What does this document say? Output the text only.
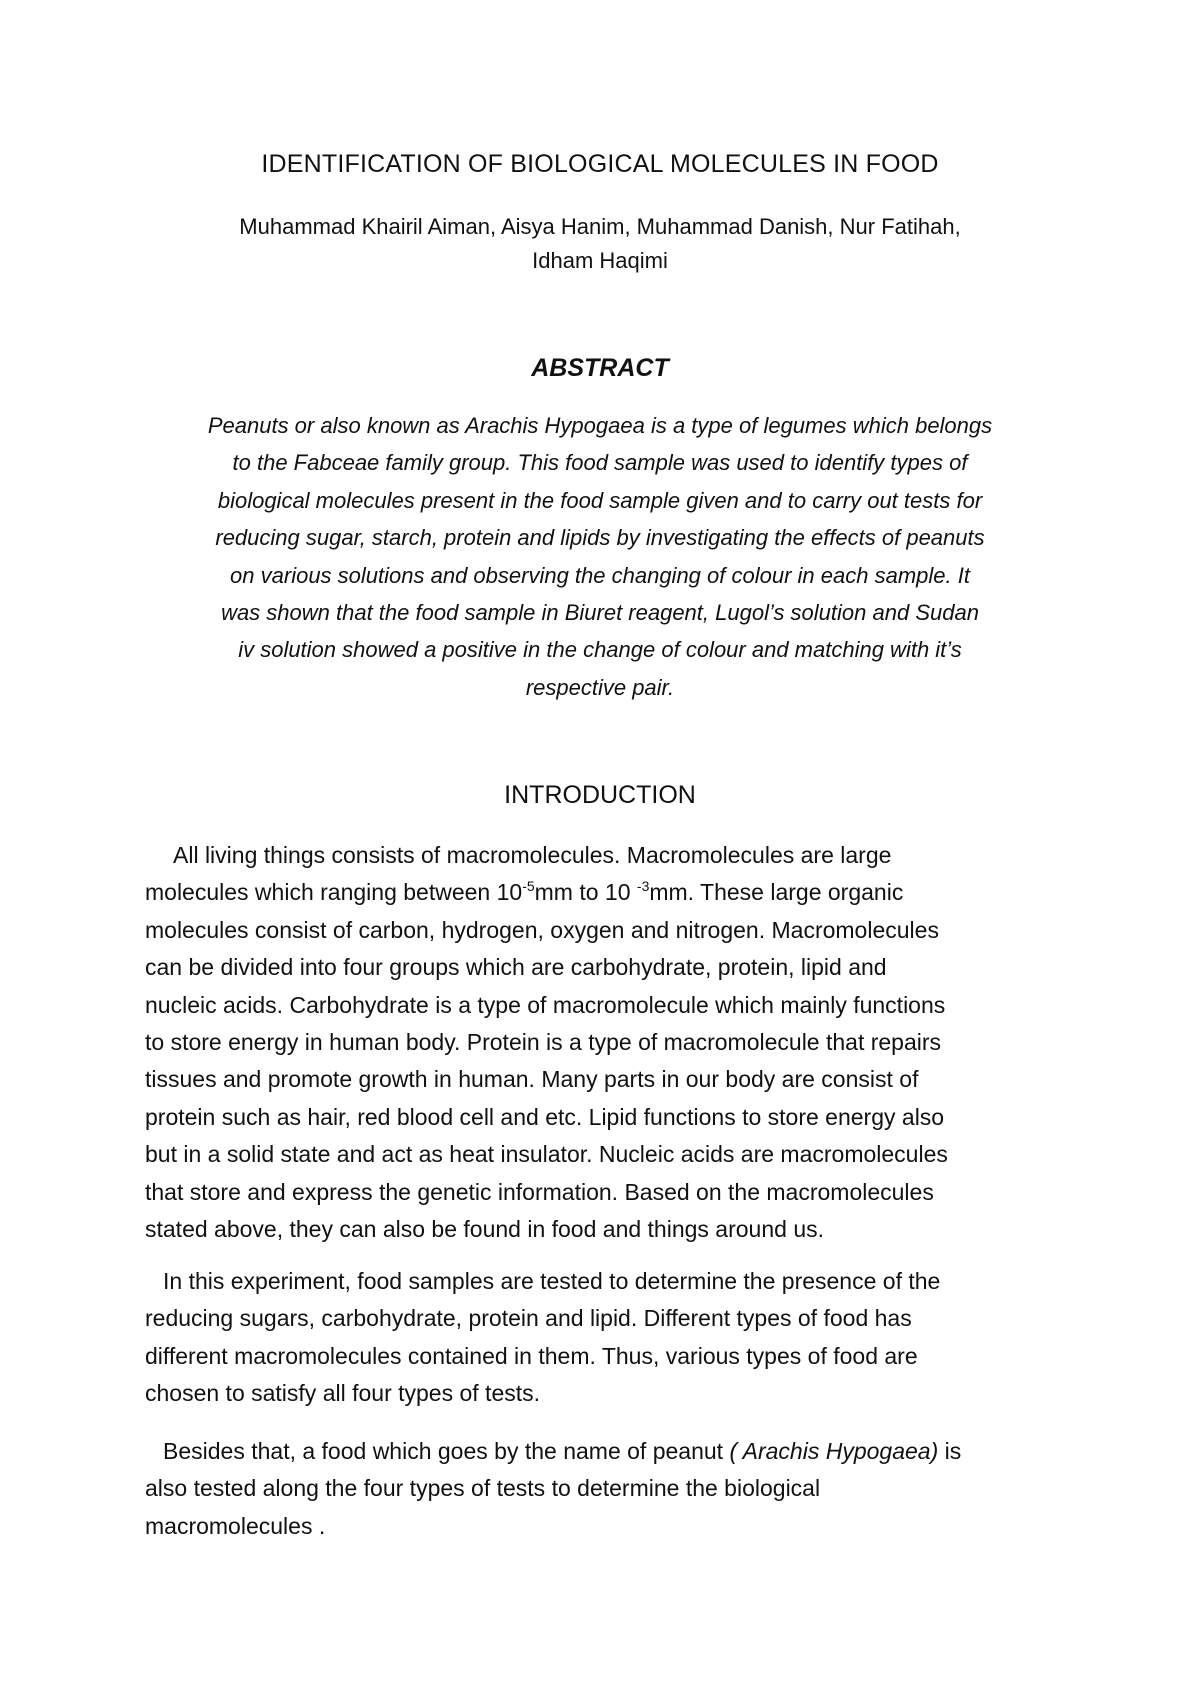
IDENTIFICATION OF BIOLOGICAL MOLECULES IN FOOD
Muhammad Khairil Aiman, Aisya Hanim, Muhammad Danish, Nur Fatihah,
Idham Haqimi
ABSTRACT
Peanuts or also known as Arachis Hypogaea is a type of legumes which belongs
to the Fabceae family group. This food sample was used to identify types of
biological molecules present in the food sample given and to carry out tests for
reducing sugar, starch, protein and lipids by investigating the effects of peanuts
on various solutions and observing the changing of colour in each sample. It
was shown that the food sample in Biuret reagent, Lugol’s solution and Sudan
iv solution showed a positive in the change of colour and matching with it’s
respective pair.
INTRODUCTION
All living things consists of macromolecules. Macromolecules are large
molecules which ranging between $10^{-5}mm$ to 10 $^{-3}$mm. These large organic
molecules consist of carbon, hydrogen, oxygen and nitrogen. Macromolecules
can be divided into four groups which are carbohydrate, protein, lipid and
nucleic acids. Carbohydrate is a type of macromolecule which mainly functions
to store energy in human body. Protein is a type of macromolecule that repairs
tissues and promote growth in human. Many parts in our body are consist of
protein such as hair, red blood cell and etc. Lipid functions to store energy also
but in a solid state and act as heat insulator. Nucleic acids are macromolecules
that store and express the genetic information. Based on the macromolecules
stated above, they can also be found in food and things around us.
In this experiment, food samples are tested to determine the presence of the
reducing sugars, carbohydrate, protein and lipid. Different types of food has
different macromolecules contained in them. Thus, various types of food are
chosen to satisfy all four types of tests.
Besides that, a food which goes by the name of peanut ( Arachis Hypogaea) is
also tested along the four types of tests to determine the biological
macromolecules .
